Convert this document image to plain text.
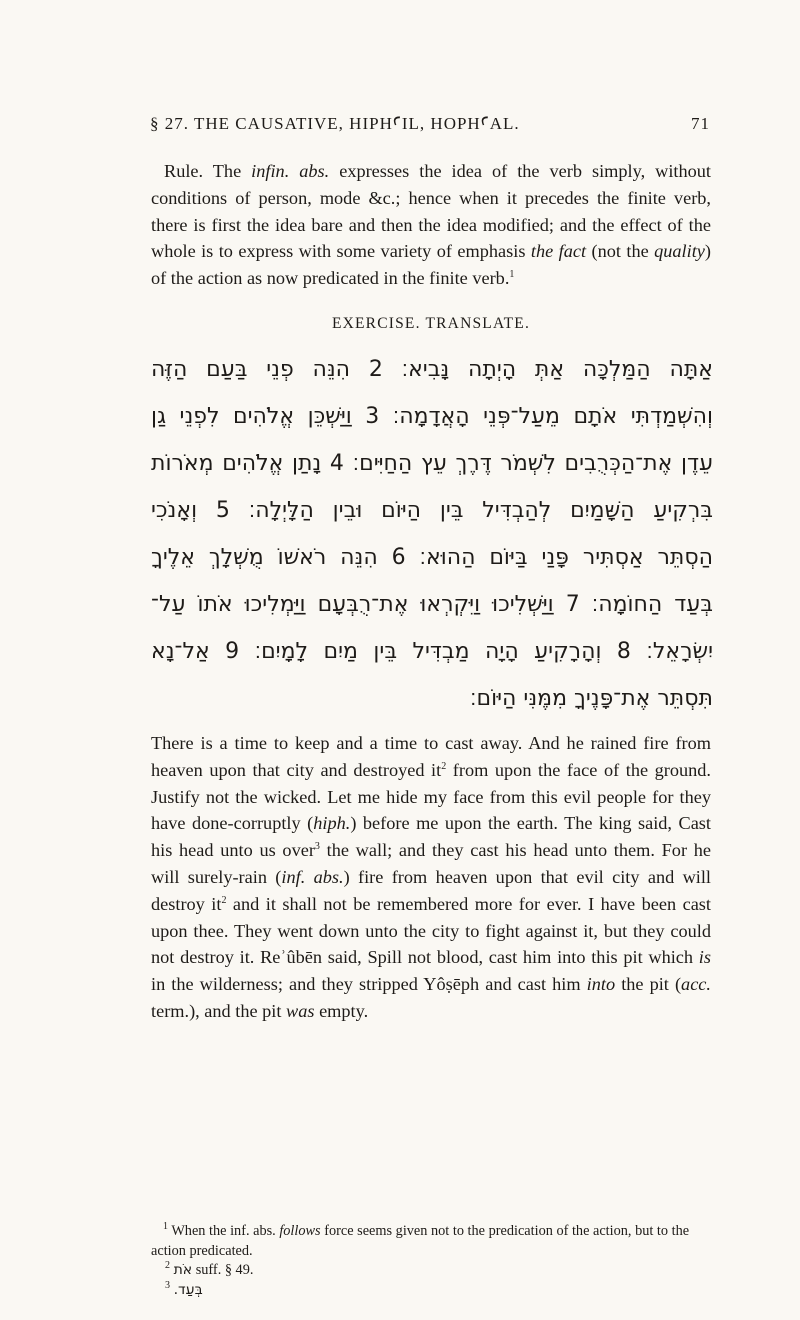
§ 27. THE CAUSATIVE, HIPHꜤIL, HOPHꜤAL.	71
Rule. The infin. abs. expresses the idea of the verb simply, without conditions of person, mode &c.; hence when it precedes the finite verb, there is first the idea bare and then the idea modified; and the effect of the whole is to express with some variety of emphasis the fact (not the quality) of the action as now predicated in the finite verb.$^1$
EXERCISE. TRANSLATE.
אַתָּה הַמַּלְכָּה אַתְּ הָיְתָה נָּבִיא׃ 2 הִנֵּה פְנֵי בַּעַם הַזֶּה
וְהִשְׁמַדְתִּי אֹתָם מֵעַל־פְּנֵי הָאֲדָמָה׃ 3 וַיַּשְׁכֵּן אֱלֹהִים לִפְנֵי גַן
עֵדֶן אֶת־הַכְּרֻבִים לִשְׁמֹר דֶּרֶךְ עֵץ הַחַיִּים׃ 4 נָתַן אֱלֹהִים מְאֹרוֹת
בִּרְקִיעַ הַשָּׁמַיִם לְהַבְדִּיל בֵּין הַיּוֹם וּבֵין הַלָּיְלָה׃ 5 וְאָנֹכִי
הַסְתֵּר אַסְתִּיר פָּנַי בַּיּוֹם הַהוּא׃ 6 הִנֵּה רֹאשׁוֹ מֻשְׁלָךְ אֵלֶיךָ
בְּעַד הַחוֹמָה׃ 7 וַיַּשְׁלִיכוּ וַיִּקְרְאוּ אֶת־רֻבְּעָם וַיַּמְלִיכוּ אֹתוֹ עַל־
יִשְׂרָאֵל׃ 8 וְהָרָקִיעַ הָיָה מַבְדִּיל בֵּין מַיִם לָמָיִם׃ 9 אַל־נָא
תִּסְתֵּר אֶת־פָּנֶיךָ מִמֶּנִּי הַיּוֹם׃
There is a time to keep and a time to cast away. And he rained fire from heaven upon that city and destroyed $it^2$ from upon the face of the ground. Justify not the wicked. Let me hide my face from this evil people for they have done-corruptly (hiph.) before me upon the earth. The king said, Cast his head unto us over$^3$ the wall; and they cast his head unto them. For he will surely-rain (inf. abs.) fire from heaven upon that evil city and will destroy $it^2$ and it shall not be remembered more for ever. I have been cast upon thee. They went down unto the city to fight against it, but they could not destroy it. Reʾûbēn said, Spill not blood, cast him into this pit which is in the wilderness; and they stripped Yôṣēph and cast him into the pit (acc. term.), and the pit was empty.

$^1$ When the inf. abs. follows force seems given not to the predication of the action, but to the action predicated.

$^2$ אֹת suff. § 49.

$^3$ בְּעַד.
